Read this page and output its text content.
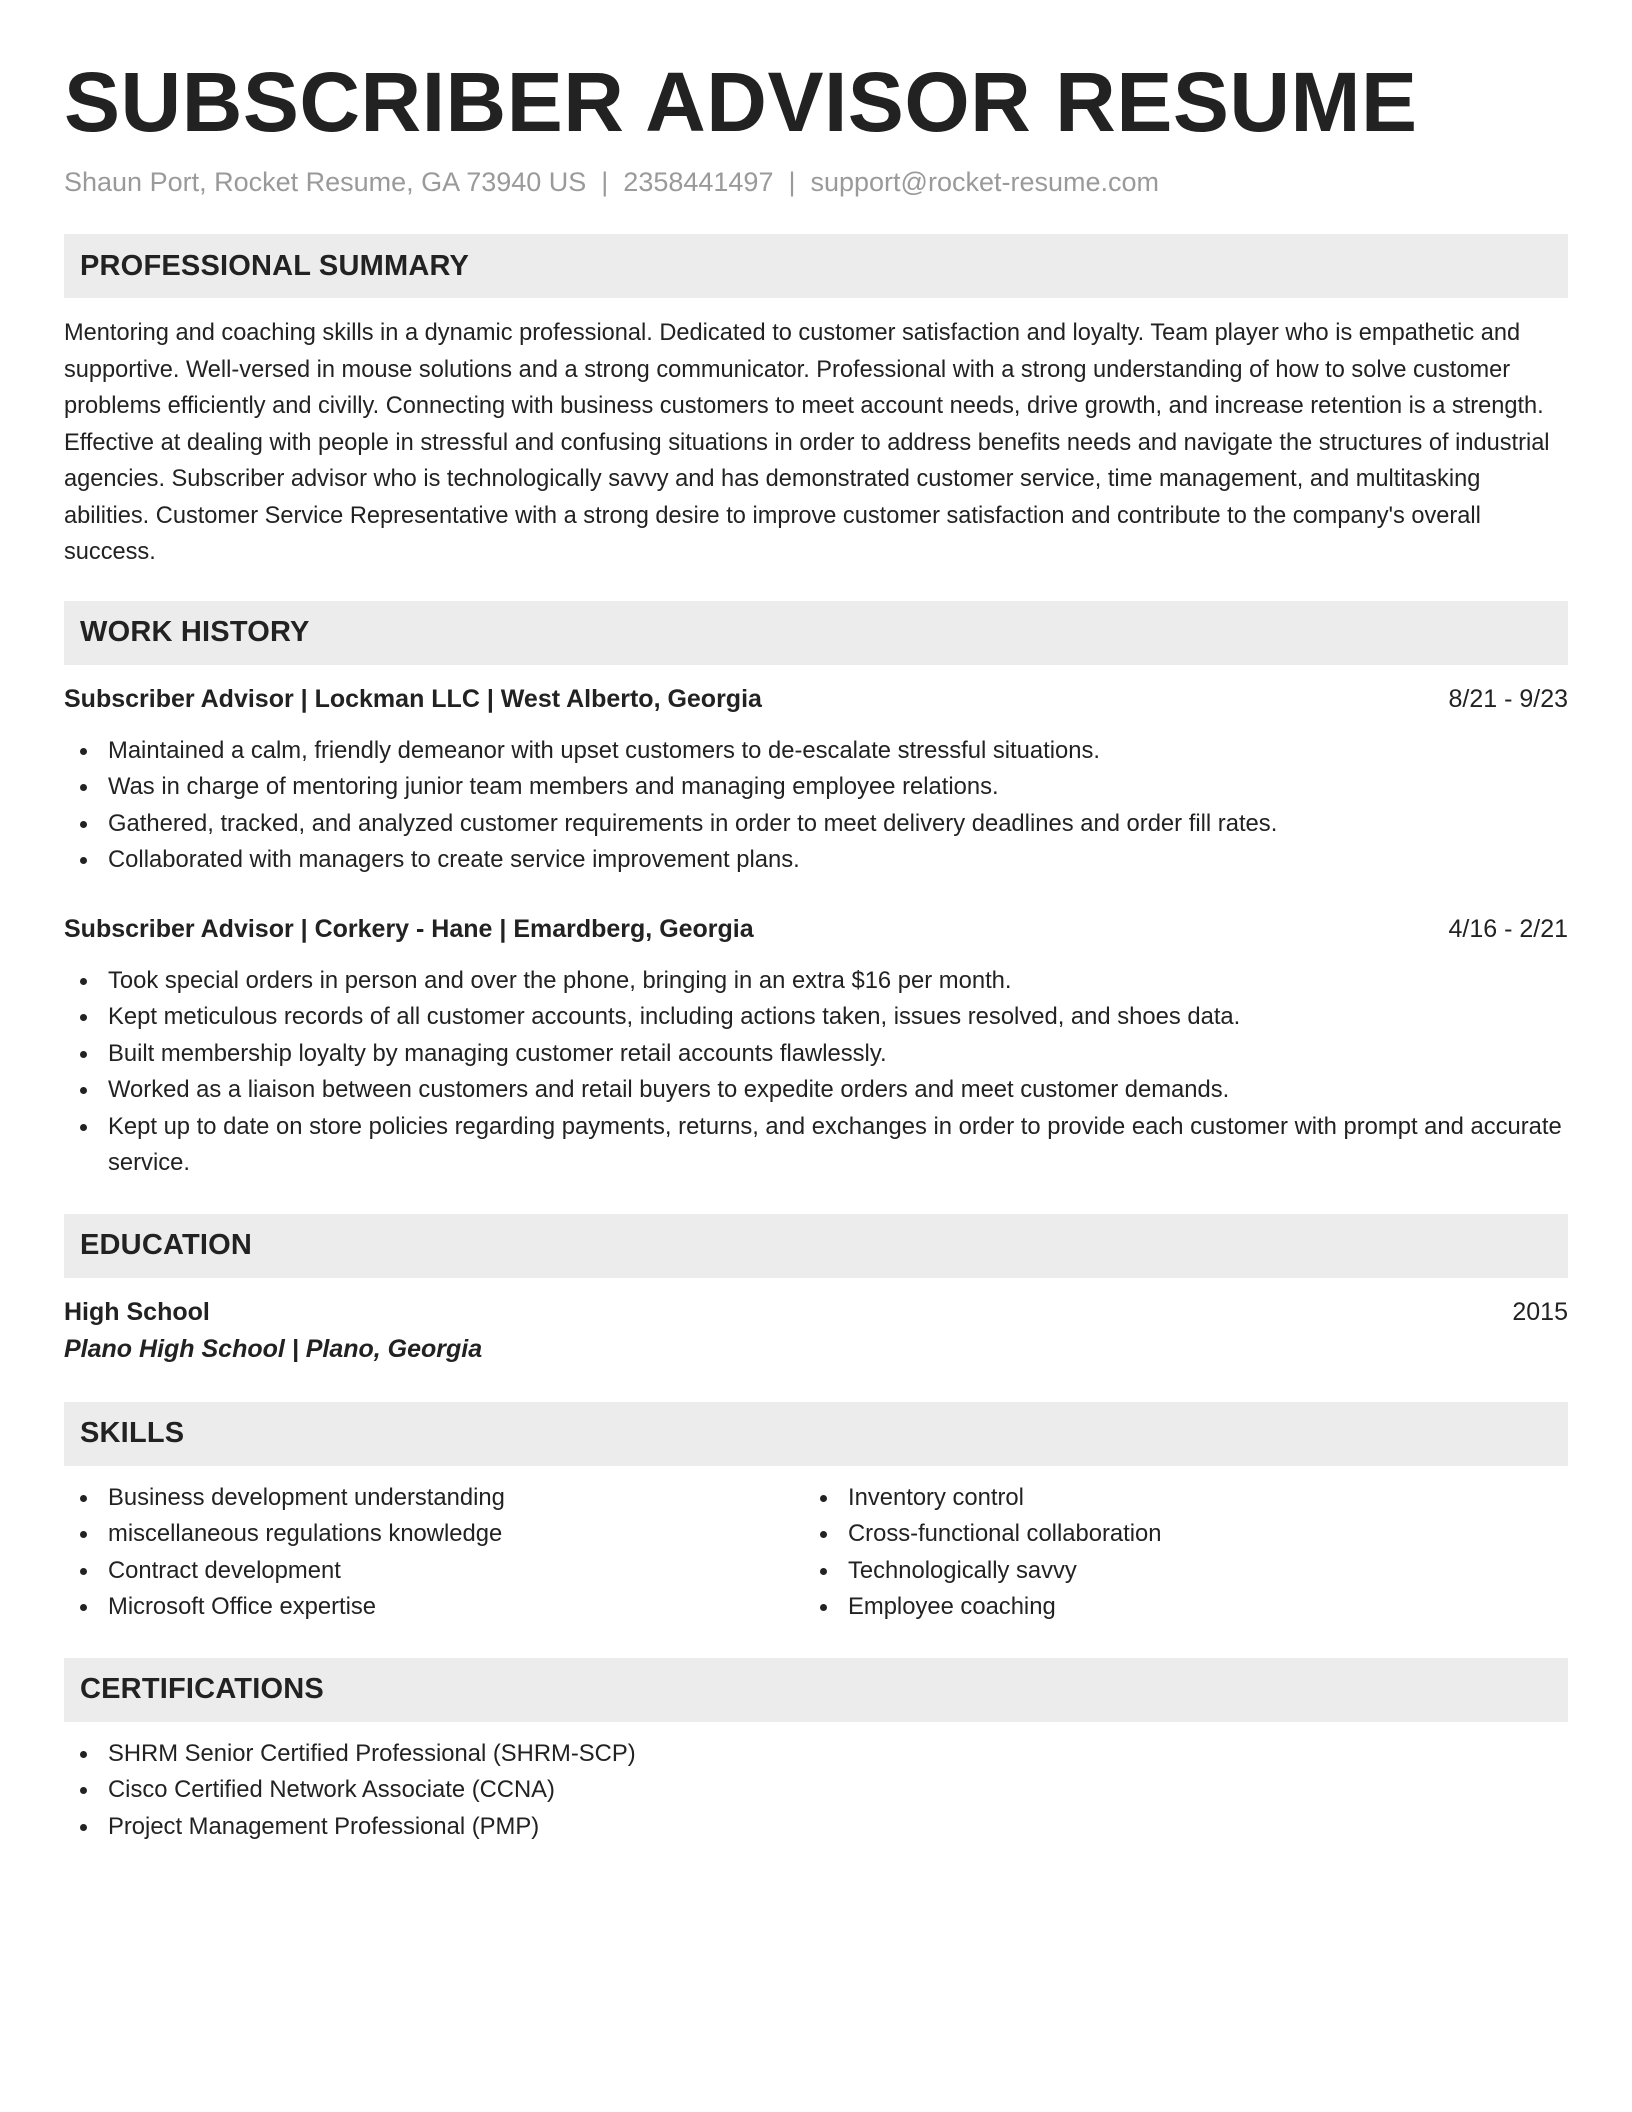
SUBSCRIBER ADVISOR RESUME
Shaun Port, Rocket Resume, GA 73940 US | 2358441497 | support@rocket-resume.com
PROFESSIONAL SUMMARY
Mentoring and coaching skills in a dynamic professional. Dedicated to customer satisfaction and loyalty. Team player who is empathetic and supportive. Well-versed in mouse solutions and a strong communicator. Professional with a strong understanding of how to solve customer problems efficiently and civilly. Connecting with business customers to meet account needs, drive growth, and increase retention is a strength. Effective at dealing with people in stressful and confusing situations in order to address benefits needs and navigate the structures of industrial agencies. Subscriber advisor who is technologically savvy and has demonstrated customer service, time management, and multitasking abilities. Customer Service Representative with a strong desire to improve customer satisfaction and contribute to the company's overall success.
WORK HISTORY
Subscriber Advisor | Lockman LLC | West Alberto, Georgia	8/21 - 9/23
Maintained a calm, friendly demeanor with upset customers to de-escalate stressful situations.
Was in charge of mentoring junior team members and managing employee relations.
Gathered, tracked, and analyzed customer requirements in order to meet delivery deadlines and order fill rates.
Collaborated with managers to create service improvement plans.
Subscriber Advisor | Corkery - Hane | Emardberg, Georgia	4/16 - 2/21
Took special orders in person and over the phone, bringing in an extra $16 per month.
Kept meticulous records of all customer accounts, including actions taken, issues resolved, and shoes data.
Built membership loyalty by managing customer retail accounts flawlessly.
Worked as a liaison between customers and retail buyers to expedite orders and meet customer demands.
Kept up to date on store policies regarding payments, returns, and exchanges in order to provide each customer with prompt and accurate service.
EDUCATION
High School	2015
Plano High School | Plano, Georgia
SKILLS
Business development understanding
miscellaneous regulations knowledge
Contract development
Microsoft Office expertise
Inventory control
Cross-functional collaboration
Technologically savvy
Employee coaching
CERTIFICATIONS
SHRM Senior Certified Professional (SHRM-SCP)
Cisco Certified Network Associate (CCNA)
Project Management Professional (PMP)
